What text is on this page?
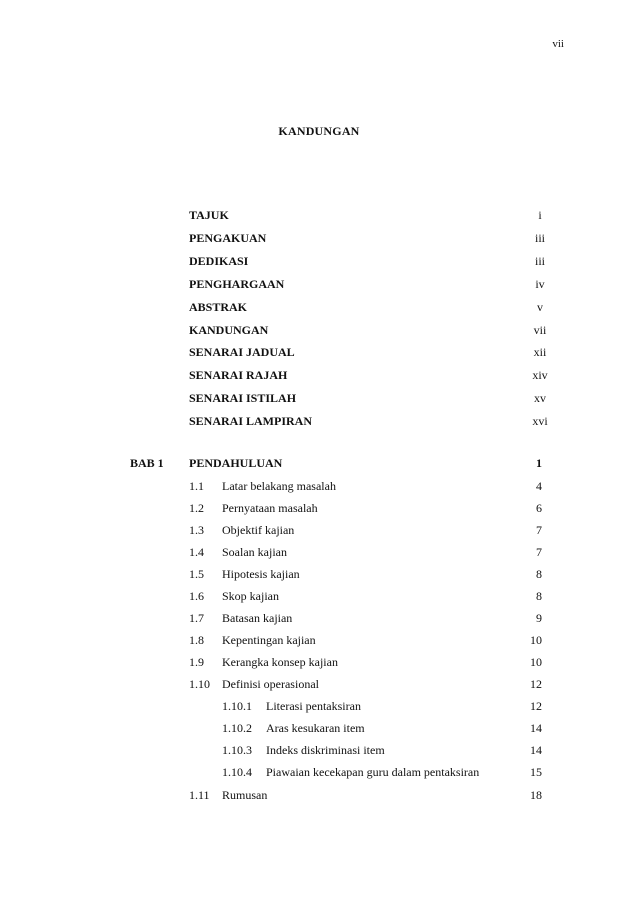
vii
KANDUNGAN
TAJUK	i
PENGAKUAN	iii
DEDIKASI	iii
PENGHARGAAN	iv
ABSTRAK	v
KANDUNGAN	vii
SENARAI JADUAL	xii
SENARAI RAJAH	xiv
SENARAI ISTILAH	xv
SENARAI LAMPIRAN	xvi
BAB 1 PENDAHULUAN	1
1.1 Latar belakang masalah	4
1.2 Pernyataan masalah	6
1.3 Objektif kajian	7
1.4 Soalan kajian	7
1.5 Hipotesis kajian	8
1.6 Skop kajian	8
1.7 Batasan kajian	9
1.8 Kepentingan kajian	10
1.9 Kerangka konsep kajian	10
1.10 Definisi operasional	12
1.10.1 Literasi pentaksiran	12
1.10.2 Aras kesukaran item	14
1.10.3 Indeks diskriminasi item	14
1.10.4 Piawaian kecekapan guru dalam pentaksiran	15
1.11 Rumusan	18
